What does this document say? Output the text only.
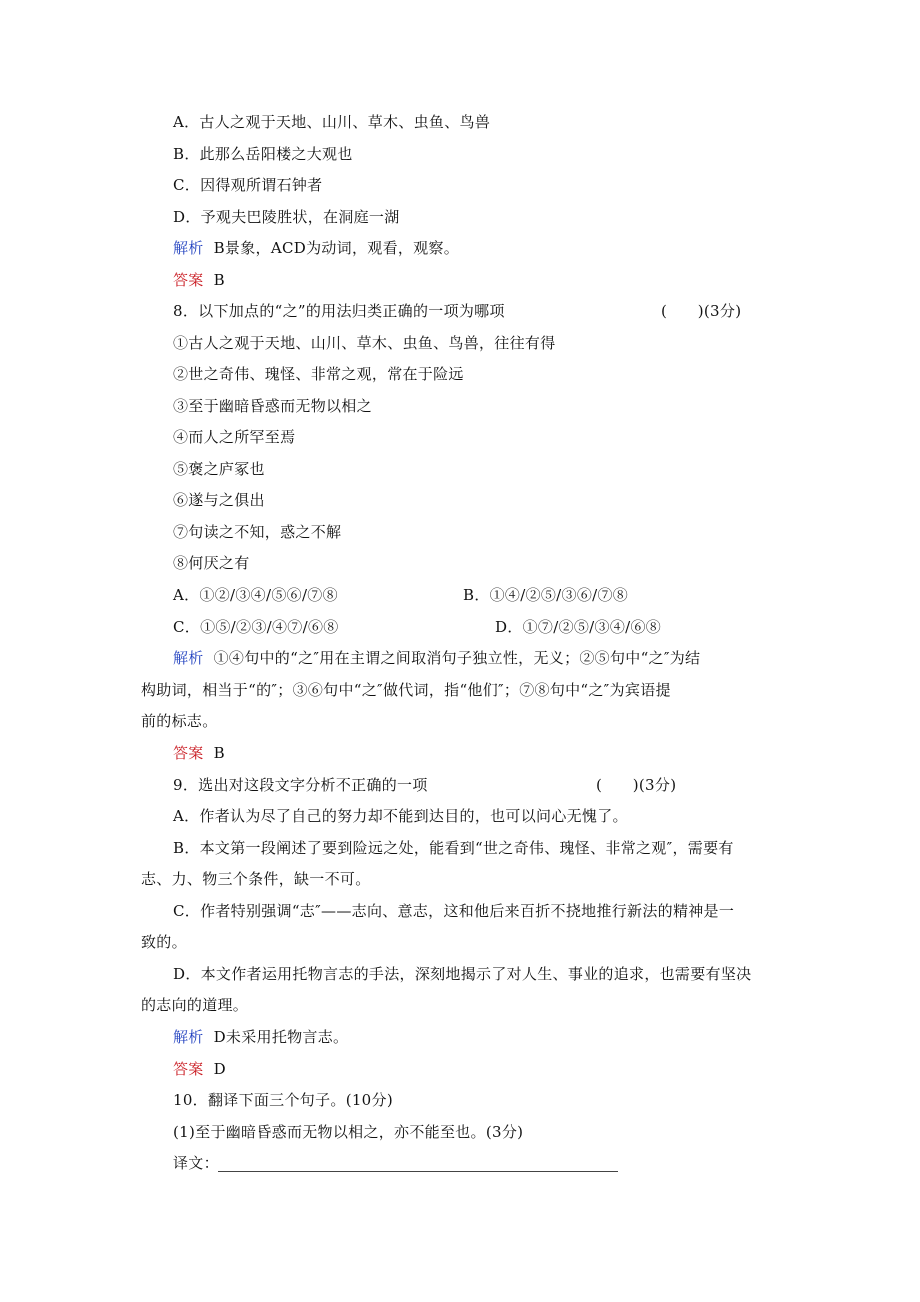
A．古人之观于天地、山川、草木、虫鱼、鸟兽
B．此那么岳阳楼之大观也
C．因得观所谓石钟者
D．予观夫巴陵胜状，在洞庭一湖
解析 B景象，ACD为动词，观看，观察。
答案 B
8．以下加点的“之”的用法归类正确的一项为哪项	(　　)(3分)
①古人之观于天地、山川、草木、虫鱼、鸟兽，往往有得
②世之奇伟、瑰怪、非常之观，常在于险远
③至于幽暗昏惑而无物以相之
④而人之所罕至焉
⑤褒之庐冢也
⑥遂与之俱出
⑦句读之不知，惑之不解
⑧何厌之有
A．①②/③④/⑤⑥/⑦⑧	B．①④/②⑤/③⑥/⑦⑧
C．①⑤/②③/④⑦/⑥⑧	D．①⑦/②⑤/③④/⑥⑧
解析 ①④句中的“之″用在主谓之间取消句子独立性，无义；②⑤句中“之″为结
构助词，相当于“的″；③⑥句中“之″做代词，指“他们″；⑦⑧句中“之″为宾语提
前的标志。
答案 B
9．选出对这段文字分析不正确的一项	(　　)(3分)
A．作者认为尽了自己的努力却不能到达目的，也可以问心无愧了。
B．本文第一段阐述了要到险远之处，能看到“世之奇伟、瑰怪、非常之观″，需要有
志、力、物三个条件，缺一不可。
C．作者特别强调“志″——志向、意志，这和他后来百折不挠地推行新法的精神是一
致的。
D．本文作者运用托物言志的手法，深刻地揭示了对人生、事业的追求，也需要有坚决
的志向的道理。
解析 D未采用托物言志。
答案 D
10．翻译下面三个句子。(10分)
(1)至于幽暗昏惑而无物以相之，亦不能至也。(3分)
译文：
